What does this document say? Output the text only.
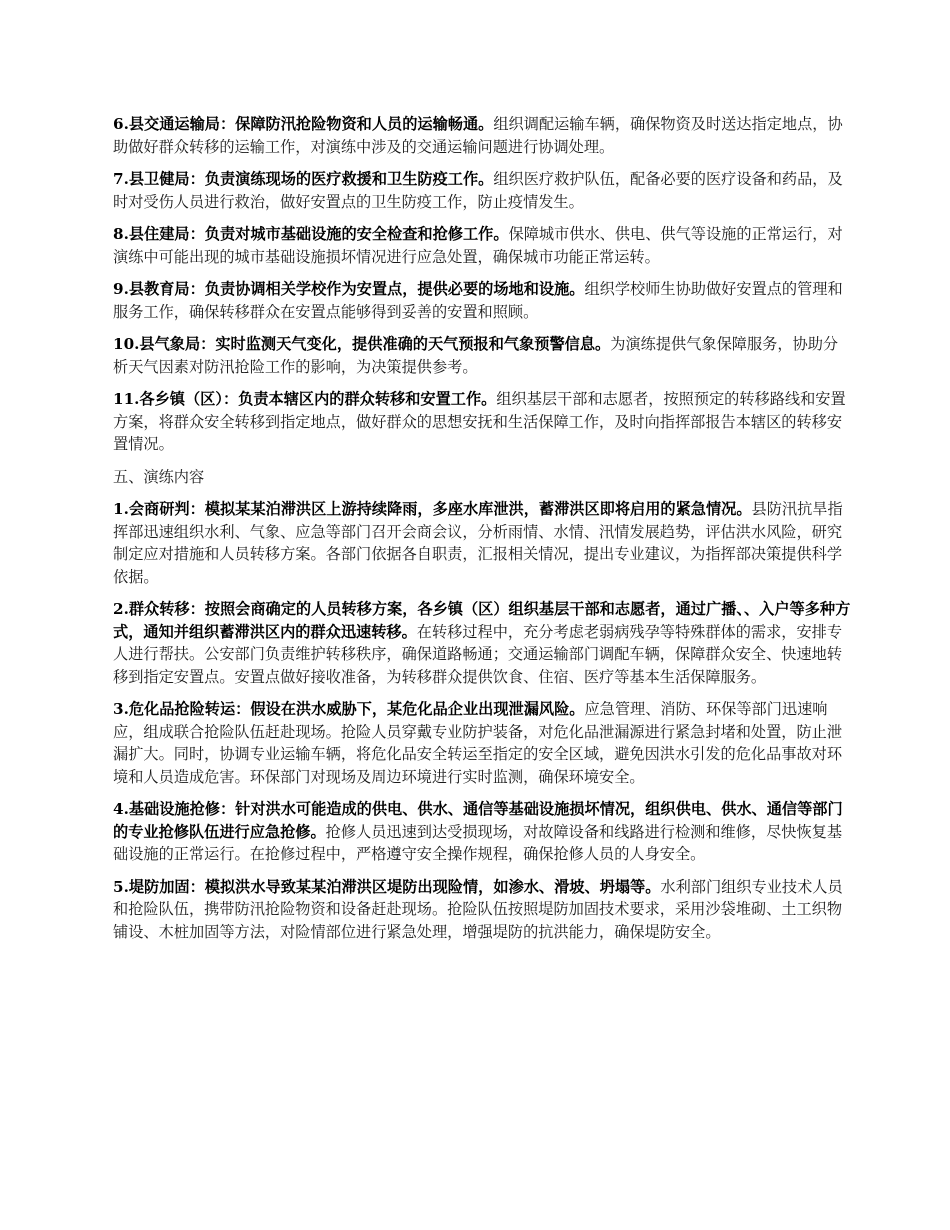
6.县交通运输局：保障防汛抢险物资和人员的运输畅通。组织调配运输车辆，确保物资及时送达指定地点，协助做好群众转移的运输工作，对演练中涉及的交通运输问题进行协调处理。

7.县卫健局：负责演练现场的医疗救援和卫生防疫工作。组织医疗救护队伍，配备必要的医疗设备和药品，及时对受伤人员进行救治，做好安置点的卫生防疫工作，防止疫情发生。

8.县住建局：负责对城市基础设施的安全检查和抢修工作。保障城市供水、供电、供气等设施的正常运行，对演练中可能出现的城市基础设施损坏情况进行应急处置，确保城市功能正常运转。

9.县教育局：负责协调相关学校作为安置点，提供必要的场地和设施。组织学校师生协助做好安置点的管理和服务工作，确保转移群众在安置点能够得到妥善的安置和照顾。

10.县气象局：实时监测天气变化，提供准确的天气预报和气象预警信息。为演练提供气象保障服务，协助分析天气因素对防汛抢险工作的影响，为决策提供参考。

11.各乡镇（区）：负责本辖区内的群众转移和安置工作。组织基层干部和志愿者，按照预定的转移路线和安置方案，将群众安全转移到指定地点，做好群众的思想安抚和生活保障工作，及时向指挥部报告本辖区的转移安置情况。

五、演练内容

1.会商研判：模拟某某泊滞洪区上游持续降雨，多座水库泄洪，蓄滞洪区即将启用的紧急情况。县防汛抗旱指挥部迅速组织水利、气象、应急等部门召开会商会议，分析雨情、水情、汛情发展趋势，评估洪水风险，研究制定应对措施和人员转移方案。各部门依据各自职责，汇报相关情况，提出专业建议，为指挥部决策提供科学依据。

2.群众转移：按照会商确定的人员转移方案，各乡镇（区）组织基层干部和志愿者，通过广播、、入户等多种方式，通知并组织蓄滞洪区内的群众迅速转移。在转移过程中，充分考虑老弱病残孕等特殊群体的需求，安排专人进行帮扶。公安部门负责维护转移秩序，确保道路畅通；交通运输部门调配车辆，保障群众安全、快速地转移到指定安置点。安置点做好接收准备，为转移群众提供饮食、住宿、医疗等基本生活保障服务。

3.危化品抢险转运：假设在洪水威胁下，某危化品企业出现泄漏风险。应急管理、消防、环保等部门迅速响应，组成联合抢险队伍赶赴现场。抢险人员穿戴专业防护装备，对危化品泄漏源进行紧急封堵和处置，防止泄漏扩大。同时，协调专业运输车辆，将危化品安全转运至指定的安全区域，避免因洪水引发的危化品事故对环境和人员造成危害。环保部门对现场及周边环境进行实时监测，确保环境安全。

4.基础设施抢修：针对洪水可能造成的供电、供水、通信等基础设施损坏情况，组织供电、供水、通信等部门的专业抢修队伍进行应急抢修。抢修人员迅速到达受损现场，对故障设备和线路进行检测和维修，尽快恢复基础设施的正常运行。在抢修过程中，严格遵守安全操作规程，确保抢修人员的人身安全。

5.堤防加固：模拟洪水导致某某泊滞洪区堤防出现险情，如渗水、滑坡、坍塌等。水利部门组织专业技术人员和抢险队伍，携带防汛抢险物资和设备赶赴现场。抢险队伍按照堤防加固技术要求，采用沙袋堆砌、土工织物铺设、木桩加固等方法，对险情部位进行紧急处理，增强堤防的抗洪能力，确保堤防安全。
